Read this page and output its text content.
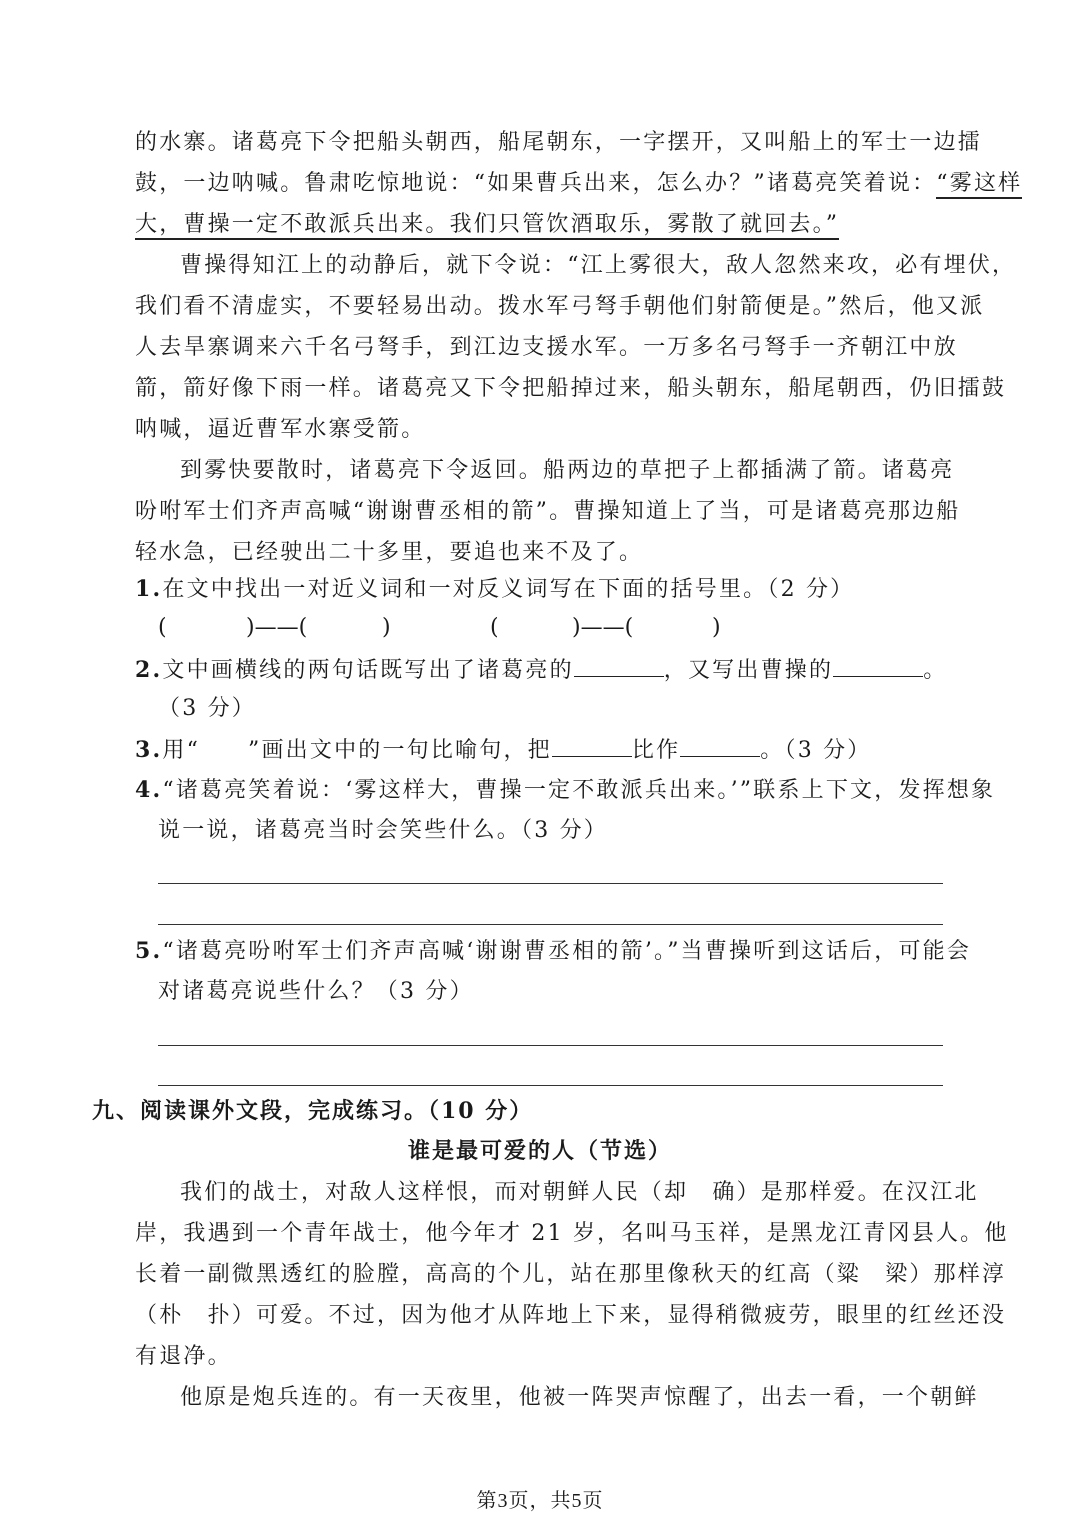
的水寨。诸葛亮下令把船头朝西，船尾朝东，一字摆开，又叫船上的军士一边擂
鼓，一边呐喊。鲁肃吃惊地说：“如果曹兵出来，怎么办？”诸葛亮笑着说：“雾这样
大，曹操一定不敢派兵出来。我们只管饮酒取乐，雾散了就回去。”
曹操得知江上的动静后，就下令说：“江上雾很大，敌人忽然来攻，必有埋伏，
我们看不清虚实，不要轻易出动。拨水军弓弩手朝他们射箭便是。”然后，他又派
人去旱寨调来六千名弓弩手，到江边支援水军。一万多名弓弩手一齐朝江中放
箭，箭好像下雨一样。诸葛亮又下令把船掉过来，船头朝东，船尾朝西，仍旧擂鼓
呐喊，逼近曹军水寨受箭。
到雾快要散时，诸葛亮下令返回。船两边的草把子上都插满了箭。诸葛亮
吩咐军士们齐声高喊“谢谢曹丞相的箭”。曹操知道上了当，可是诸葛亮那边船
轻水急，已经驶出二十多里，要追也来不及了。
1.在文中找出一对近义词和一对反义词写在下面的括号里。（2 分）
(	)——(	)	(	)——(	)
2.文中画横线的两句话既写出了诸葛亮的	，又写出曹操的	。
（3 分）
3.用“ ”画出文中的一句比喻句，把	比作	。（3 分）
4.“诸葛亮笑着说：‘雾这样大，曹操一定不敢派兵出来。’”联系上下文，发挥想象
说一说，诸葛亮当时会笑些什么。（3 分）
5.“诸葛亮吩咐军士们齐声高喊‘谢谢曹丞相的箭’。”当曹操听到这话后，可能会
对诸葛亮说些什么？（3 分）
九、阅读课外文段，完成练习。（10 分）
谁是最可爱的人（节选）
我们的战士，对敌人这样恨，而对朝鲜人民（却　确）是那样爱。在汉江北
岸，我遇到一个青年战士，他今年才 21 岁，名叫马玉祥，是黑龙江青冈县人。他
长着一副微黑透红的脸膛，高高的个儿，站在那里像秋天的红高（粱　梁）那样淳
（朴　扑）可爱。不过，因为他才从阵地上下来，显得稍微疲劳，眼里的红丝还没
有退净。
他原是炮兵连的。有一天夜里，他被一阵哭声惊醒了，出去一看，一个朝鲜
第3页，共5页
